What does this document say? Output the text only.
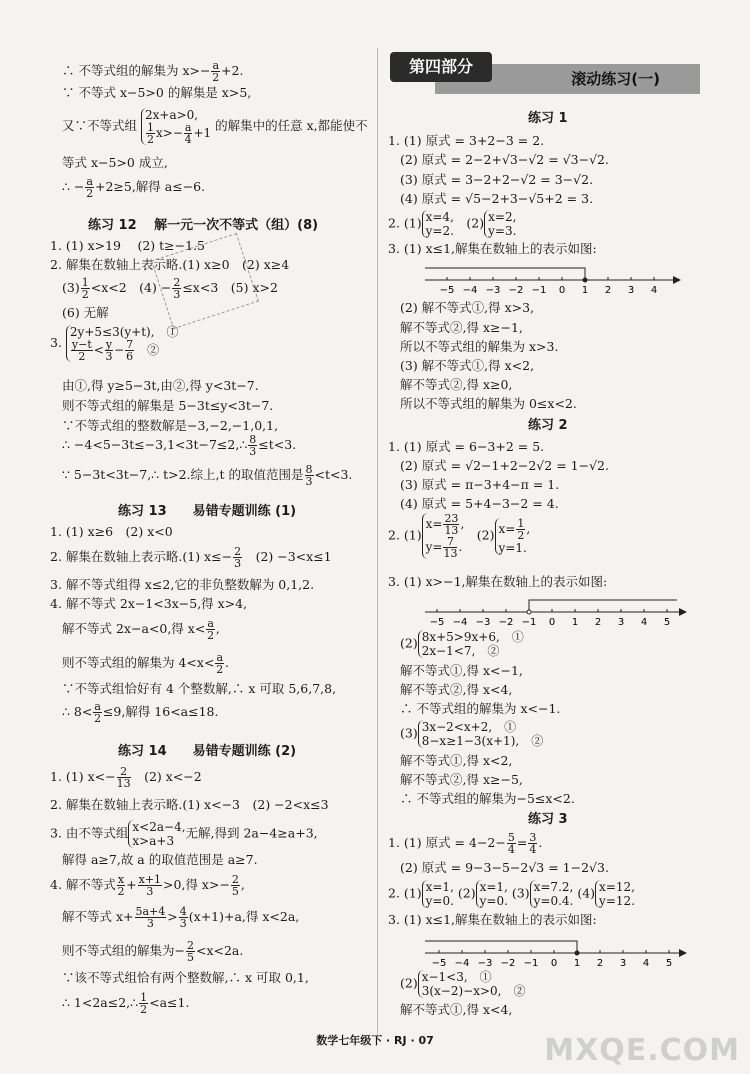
∴ 不等式组的解集为 $x>- \frac{a}{2} +2$.
∵ 不等式 x−5>0 的解集是 x>5,
又∵不等式组 2x+a>0,

$\frac{1}{2} x>- \frac{a}{4} +1$ 的解集中的任意 x,都能使不
等式 x−5>0 成立,
∴ − $\frac{a}{2} +2\ge 5$,解得 a≤−6.
练习 12　 解一元一次不等式（组）(8)
1. (1) x>19　 (2) t≥−1.5
2. 解集在数轴上表示略.(1) x≥0　(2) x≥4
$(3) \frac{1}{2} <x<2$　$(4) - \frac{2}{3} \le x<3$　(5) x>2
(6) 无解
3. 2y+5≤3(y+t),　①

$\frac{y-t}{2} < \frac{y}{3} - \frac{7}{6}$ 　②
由①,得 y≥5−3t,由②,得 y<3t−7.
则不等式组的解集是 5−3t≤y<3t−7.
∵不等式组的整数解是−3,−2,−1,0,1,
∴ −4<5−3t≤−3,1<3t−7≤2,∴ $\frac{8}{3} \le t<3$.
∵ 5−3t<3t−7,∴ t>2.综上,t 的取值范围是 $\frac{8}{3} <t<3$.
练习 13　　易错专题训练 (1)
1. (1) x≥6　(2) x<0
2. 解集在数轴上表示略.(1) $x\le- \frac{2}{3}$ 　(2) −3<x≤1
3. 解不等式组得 x≤2,它的非负整数解为 0,1,2.
4. 解不等式 2x−1<3x−5,得 x>4,
解不等式 2x−a<0,得 $x< \frac{a}{2}$ ,
则不等式组的解集为 $4<x< \frac{a}{2}$ .
∵不等式组恰好有 4 个整数解,∴ x 可取 5,6,7,8,
∴ $8< \frac{a}{2} \le 9$,解得 16<a≤18.
练习 14　　易错专题训练 (2)
1. (1) $x<- \frac{2}{13}$ 　(2) x<−2
2. 解集在数轴上表示略.(1) x<−3　(2) −2<x≤3
3. 由不等式组 x<2a−4,
x>a+3无解,得到 2a−4≥a+3,
解得 a≥7,故 a 的取值范围是 a≥7.
4. 解不等式 $\frac{x}{2} + \frac{x+1}{3} >0$,得 $x>- \frac{2}{5}$ ,
解不等式 $x+ \frac{5a+4}{3} > \frac{4}{3} (x+1)+a$,得 x<2a,
则不等式组的解集为− $\frac{2}{5} <x<2a$.
∵该不等式组恰有两个整数解,∴ x 可取 0,1,
∴ 1<2a≤2,∴ $\frac{1}{2} <a\le 1$.
滚动练习(一)
第四部分
练习 1
1. (1) 原式 = 3+2−3 = 2.
(2) 原式 = 2−2+√3−√2 = √3−√2.
(3) 原式 = 3−2+2−√2 = 3−√2.
(4) 原式 = √5−2+3−√5+2 = 3.
2. (1) x=4,
y=2.　(2) x=2,
y=3.
3. (1) x≤1,解集在数轴上的表示如图:
−5 −4 −3 −2 −1 0 1 2 3 4
(2) 解不等式①,得 x>3,
解不等式②,得 x≥−1,
所以不等式组的解集为 x>3.
(3) 解不等式①,得 x<2,
解不等式②,得 x≥0,
所以不等式组的解集为 0≤x<2.
练习 2
1. (1) 原式 = 6−3+2 = 5.
(2) 原式 = √2−1+2−2√2 = 1−√2.
(3) 原式 = π−3+4−π = 1.
(4) 原式 = 5+4−3−2 = 4.
2. $(1)x= \frac{23}{13}$ ,
$y= \frac{7}{13}$ .　(2) $x= \frac{1}{2}$ ,
y=1.
3. (1) x>−1,解集在数轴上的表示如图:
−5 −4 −3 −2 −1 0 1 2 3 4 5
(2) 8x+5>9x+6,　①
2x−1<7,　②
解不等式①,得 x<−1,
解不等式②,得 x<4,
∴ 不等式组的解集为 x<−1.
(3) 3x−2<x+2,　①
8−x≥1−3(x+1),　②
解不等式①,得 x<2,
解不等式②,得 x≥−5,
∴ 不等式组的解集为−5≤x<2.
练习 3
1. (1) 原式 = $4-2- \frac{5}{4} = \frac{3}{4}$ .
(2) 原式 = 9−3−5−2√3 = 1−2√3.
2. (1) x=1,
y=0. (2) x=1,
y=0. (3) x=7.2,
y=0.4. (4) x=12,
y=12.
3. (1) x≤1,解集在数轴上的表示如图:
−5 −4 −3 −2 −1 0 1 2 3 4 5
(2) x−1<3,　①
3(x−2)−x>0,　②
解不等式①,得 x<4,
数学七年级下 · RJ · 07	MXQE.COM
